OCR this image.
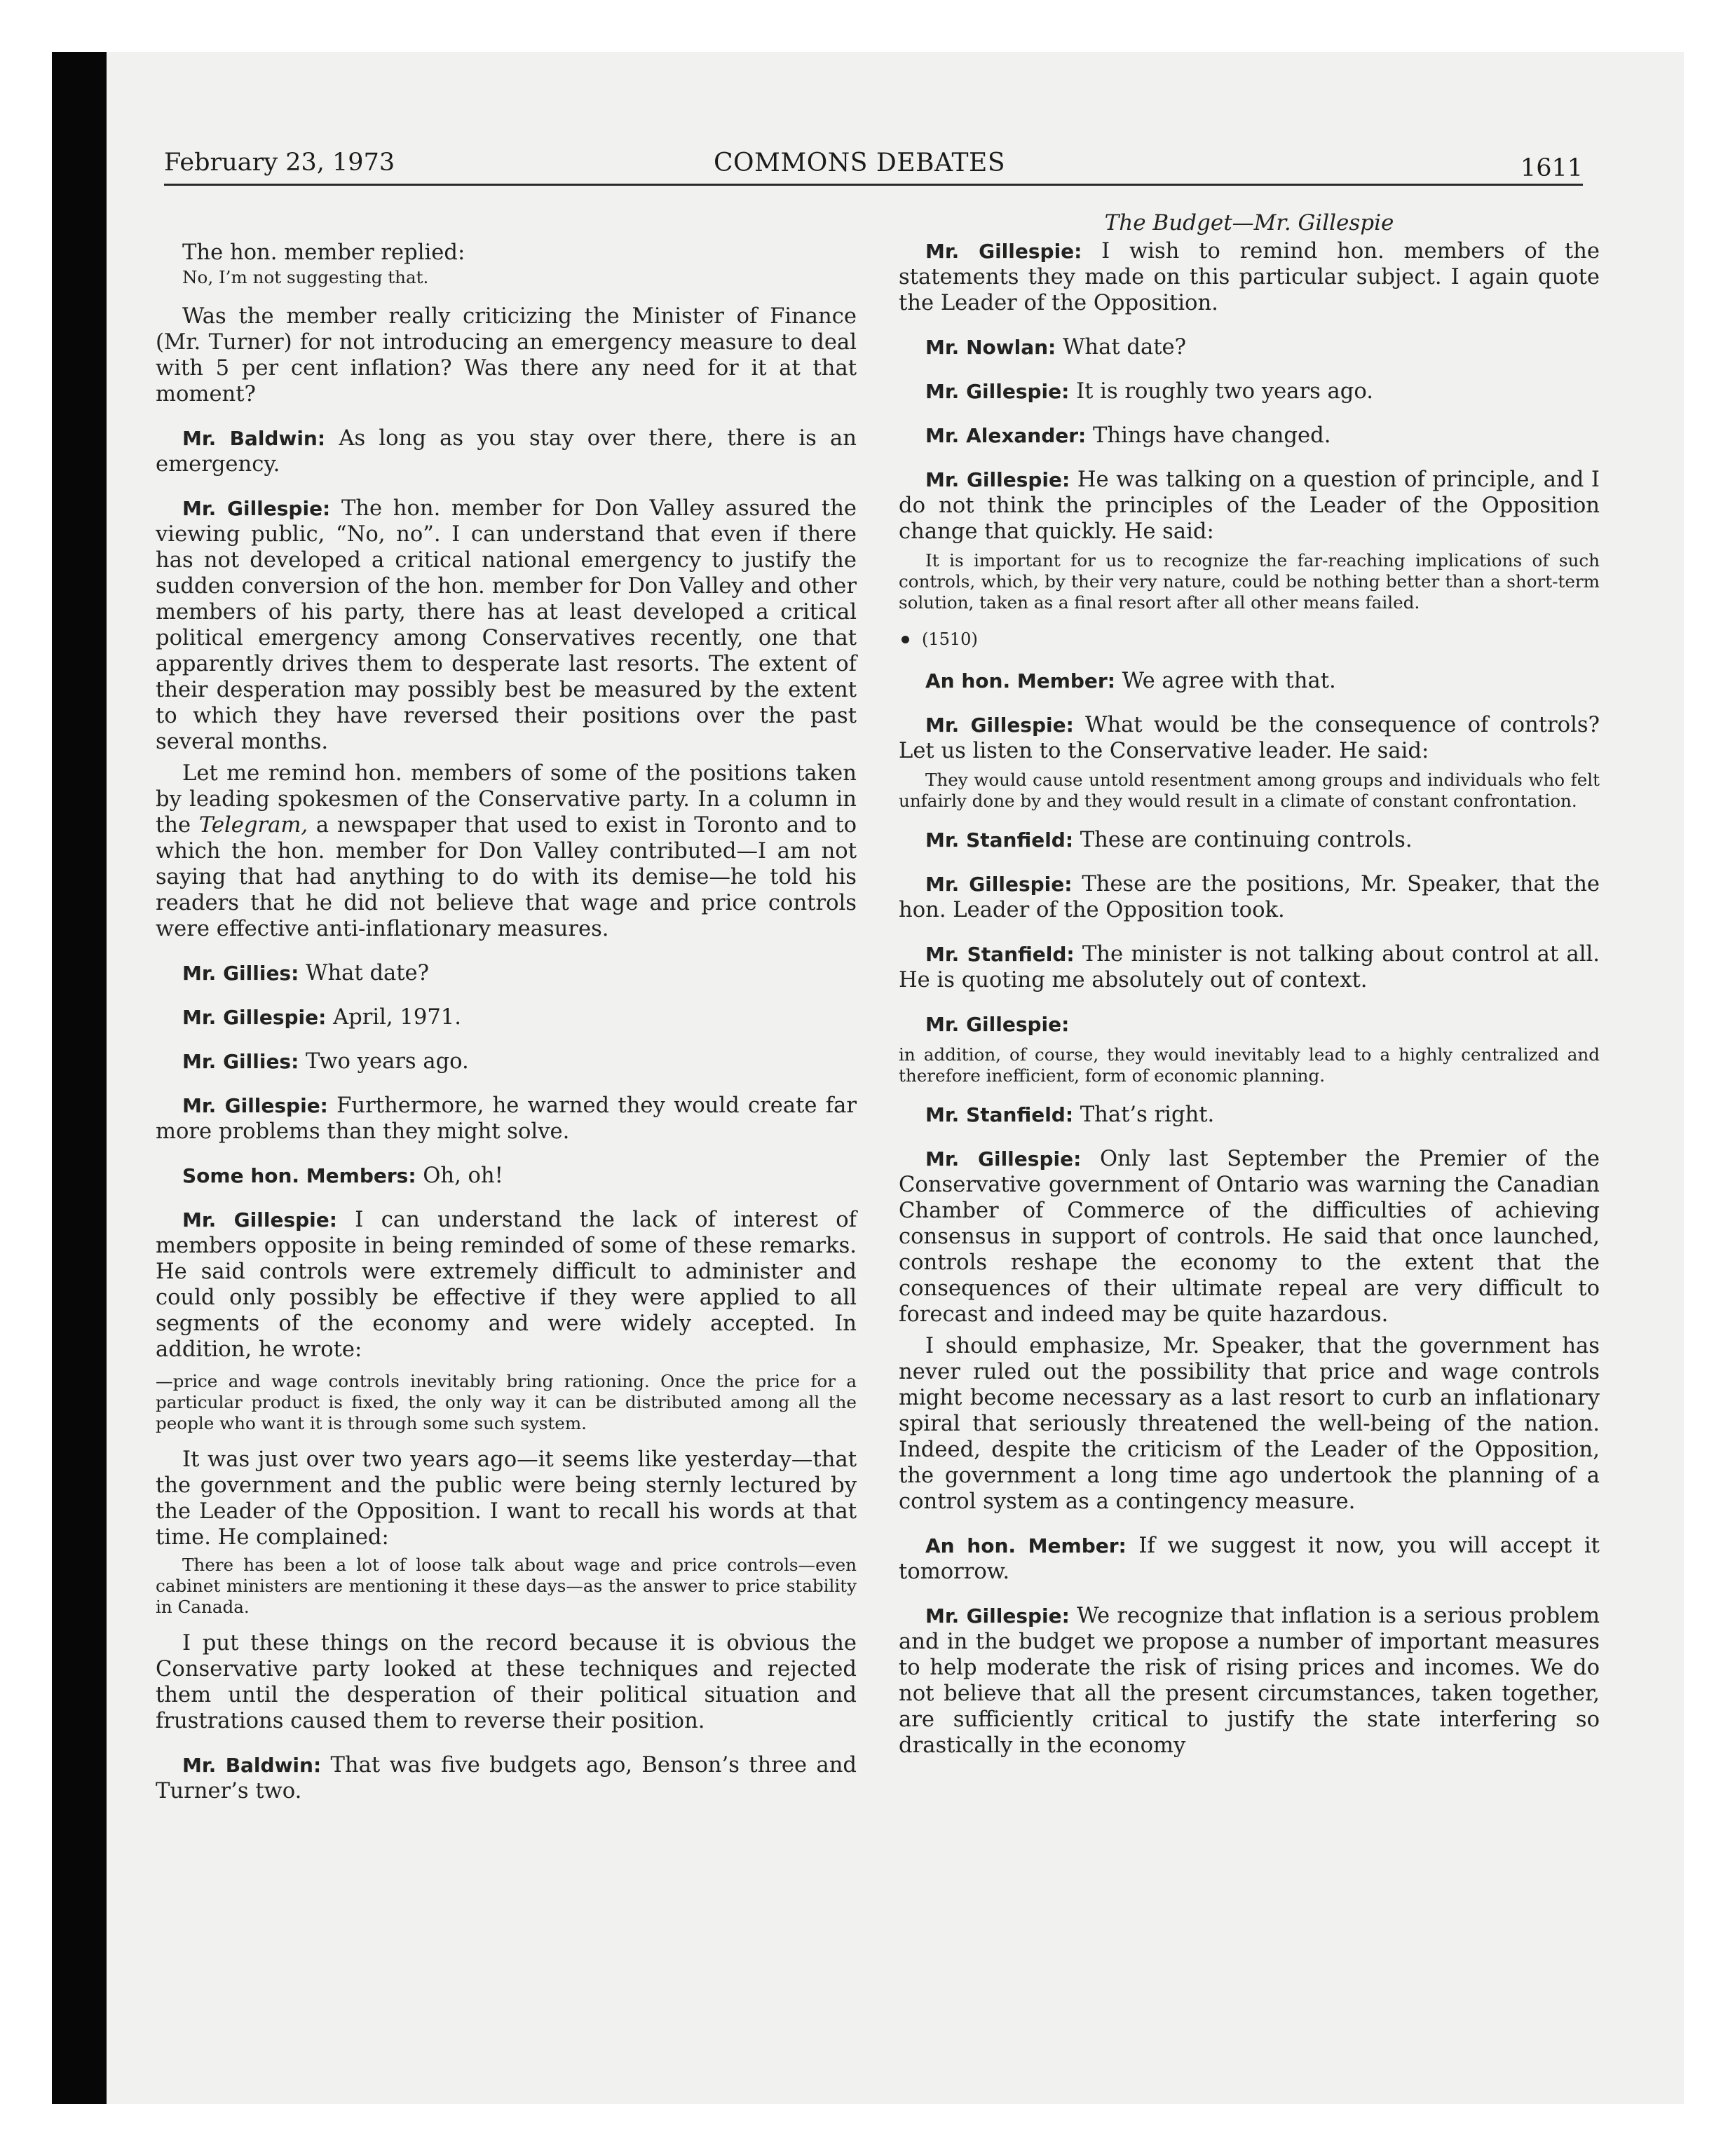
February 23, 1973	COMMONS DEBATES	1611

The hon. member replied:

No, I’m not suggesting that.

Was the member really criticizing the Minister of Finance (Mr. Turner) for not introducing an emergency measure to deal with 5 per cent inflation? Was there any need for it at that moment?

Mr. Baldwin: As long as you stay over there, there is an emergency.

Mr. Gillespie: The hon. member for Don Valley assured the viewing public, “No, no”. I can understand that even if there has not developed a critical national emergency to justify the sudden conversion of the hon. member for Don Valley and other members of his party, there has at least developed a critical political emergency among Conservatives recently, one that apparently drives them to desperate last resorts. The extent of their desperation may possibly best be measured by the extent to which they have reversed their positions over the past several months.

Let me remind hon. members of some of the positions taken by leading spokesmen of the Conservative party. In a column in the Telegram, a newspaper that used to exist in Toronto and to which the hon. member for Don Valley contributed—I am not saying that had anything to do with its demise—he told his readers that he did not believe that wage and price controls were effective anti-inflationary measures.

Mr. Gillies: What date?

Mr. Gillespie: April, 1971.

Mr. Gillies: Two years ago.

Mr. Gillespie: Furthermore, he warned they would create far more problems than they might solve.

Some hon. Members: Oh, oh!

Mr. Gillespie: I can understand the lack of interest of members opposite in being reminded of some of these remarks. He said controls were extremely difficult to administer and could only possibly be effective if they were applied to all segments of the economy and were widely accepted. In addition, he wrote:

—price and wage controls inevitably bring rationing. Once the price for a particular product is fixed, the only way it can be distributed among all the people who want it is through some such system.

It was just over two years ago—it seems like yesterday—that the government and the public were being sternly lectured by the Leader of the Opposition. I want to recall his words at that time. He complained:

There has been a lot of loose talk about wage and price controls—even cabinet ministers are mentioning it these days—as the answer to price stability in Canada.

I put these things on the record because it is obvious the Conservative party looked at these techniques and rejected them until the desperation of their political situation and frustrations caused them to reverse their position.

Mr. Baldwin: That was five budgets ago, Benson’s three and Turner’s two.

The Budget—Mr. Gillespie

Mr. Gillespie: I wish to remind hon. members of the statements they made on this particular subject. I again quote the Leader of the Opposition.

Mr. Nowlan: What date?

Mr. Gillespie: It is roughly two years ago.

Mr. Alexander: Things have changed.

Mr. Gillespie: He was talking on a question of principle, and I do not think the principles of the Leader of the Opposition change that quickly. He said:

It is important for us to recognize the far-reaching implications of such controls, which, by their very nature, could be nothing better than a short-term solution, taken as a final resort after all other means failed.

(1510)

An hon. Member: We agree with that.

Mr. Gillespie: What would be the consequence of controls? Let us listen to the Conservative leader. He said:

They would cause untold resentment among groups and individuals who felt unfairly done by and they would result in a climate of constant confrontation.

Mr. Stanfield: These are continuing controls.

Mr. Gillespie: These are the positions, Mr. Speaker, that the hon. Leader of the Opposition took.

Mr. Stanfield: The minister is not talking about control at all. He is quoting me absolutely out of context.

Mr. Gillespie:

in addition, of course, they would inevitably lead to a highly centralized and therefore inefficient, form of economic planning.

Mr. Stanfield: That’s right.

Mr. Gillespie: Only last September the Premier of the Conservative government of Ontario was warning the Canadian Chamber of Commerce of the difficulties of achieving consensus in support of controls. He said that once launched, controls reshape the economy to the extent that the consequences of their ultimate repeal are very difficult to forecast and indeed may be quite hazardous.

I should emphasize, Mr. Speaker, that the government has never ruled out the possibility that price and wage controls might become necessary as a last resort to curb an inflationary spiral that seriously threatened the well-being of the nation. Indeed, despite the criticism of the Leader of the Opposition, the government a long time ago undertook the planning of a control system as a contingency measure.

An hon. Member: If we suggest it now, you will accept it tomorrow.

Mr. Gillespie: We recognize that inflation is a serious problem and in the budget we propose a number of important measures to help moderate the risk of rising prices and incomes. We do not believe that all the present circumstances, taken together, are sufficiently critical to justify the state interfering so drastically in the economy
